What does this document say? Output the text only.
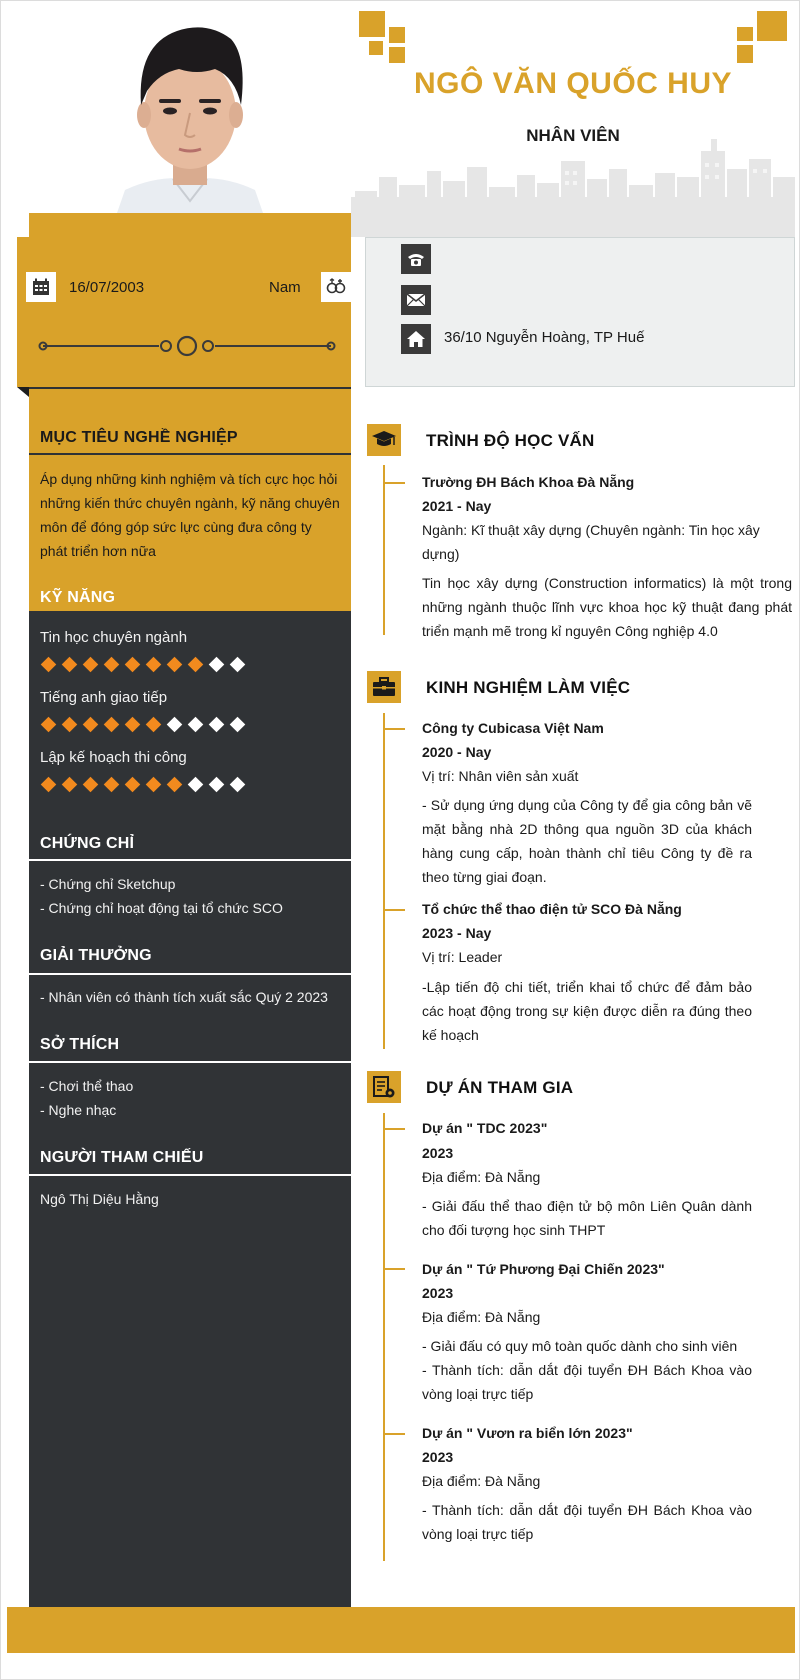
16/07/2003	Nam
MỤC TIÊU NGHỀ NGHIỆP
Áp dụng những kinh nghiệm và tích cực học hỏi những kiến thức chuyên ngành, kỹ năng chuyên môn để đóng góp sức lực cùng đưa công ty phát triển hơn nữa
KỸ NĂNG
Tin học chuyên ngành
Tiếng anh giao tiếp
Lập kế hoạch thi công
CHỨNG CHỈ
- Chứng chỉ Sketchup
- Chứng chỉ hoạt động tại tổ chức SCO
GIẢI THƯỞNG
- Nhân viên có thành tích xuất sắc Quý 2 2023
SỞ THÍCH
- Chơi thể thao
- Nghe nhạc
NGƯỜI THAM CHIẾU
Ngô Thị Diệu Hằng
NGÔ VĂN QUỐC HUY
NHÂN VIÊN
36/10 Nguyễn Hoàng, TP Huế
TRÌNH ĐỘ HỌC VẤN
Trường ĐH Bách Khoa Đà Nẵng
2021 - Nay
Ngành: Kĩ thuật xây dựng (Chuyên ngành: Tin học xây dựng)
Tin học xây dựng (Construction informatics) là một trong những ngành thuộc lĩnh vực khoa học kỹ thuật đang phát triển mạnh mẽ trong kỉ nguyên Công nghiệp 4.0
KINH NGHIỆM LÀM VIỆC
Công ty Cubicasa Việt Nam
2020 - Nay
Vị trí: Nhân viên sản xuất
- Sử dụng ứng dụng của Công ty để gia công bản vẽ mặt bằng nhà 2D thông qua nguồn 3D của khách hàng cung cấp, hoàn thành chỉ tiêu Công ty đề ra theo từng giai đoạn.
Tổ chức thể thao điện tử SCO Đà Nẵng
2023 - Nay
Vị trí: Leader
-Lập tiến độ chi tiết, triển khai tổ chức để đảm bảo các hoạt động trong sự kiện được diễn ra đúng theo kế hoạch
DỰ ÁN THAM GIA
Dự án " TDC 2023"
2023
Địa điểm: Đà Nẵng
- Giải đấu thể thao điện tử bộ môn Liên Quân dành cho đối tượng học sinh THPT
Dự án " Tứ Phương Đại Chiến 2023"
2023
Địa điểm: Đà Nẵng
- Giải đấu có quy mô toàn quốc dành cho sinh viên
- Thành tích: dẫn dắt đội tuyển ĐH Bách Khoa vào vòng loại trực tiếp
Dự án " Vươn ra biển lớn 2023"
2023
Địa điểm: Đà Nẵng
- Thành tích: dẫn dắt đội tuyển ĐH Bách Khoa vào vòng loại trực tiếp
